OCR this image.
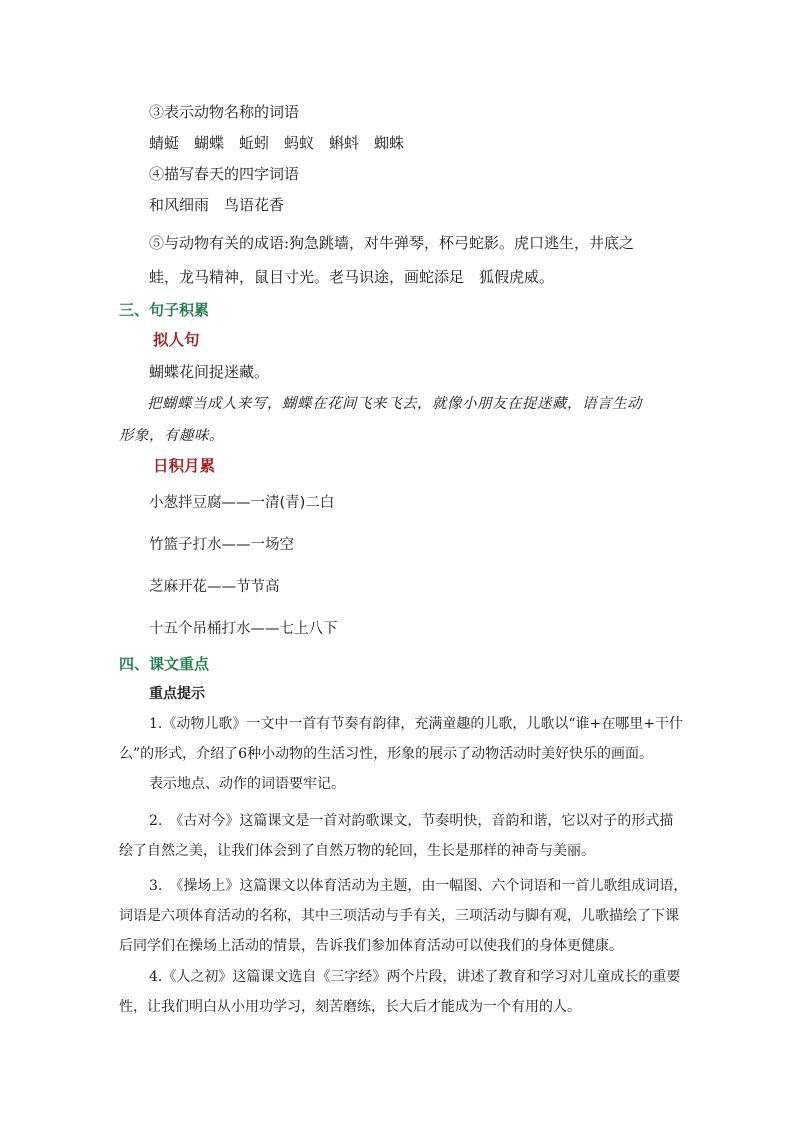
③表示动物名称的词语
蜻蜓　蝴蝶　蚯蚓　蚂蚁　蝌蚪　蜘蛛
④描写春天的四字词语
和风细雨　鸟语花香
⑤与动物有关的成语:狗急跳墙，对牛弹琴，杯弓蛇影。虎口逃生，井底之
蛙，龙马精神，鼠目寸光。老马识途，画蛇添足　狐假虎威。
三、句子积累
拟人句
蝴蝶花间捉迷藏。
把蝴蝶当成人来写，蝴蝶在花间飞来飞去，就像小朋友在捉迷藏，语言生动
形象，有趣味。
日积月累
小葱拌豆腐——一清(青)二白
竹篮子打水——一场空
芝麻开花——节节高
十五个吊桶打水——七上八下
四、课文重点
重点提示
1.《动物儿歌》一文中一首有节奏有韵律，充满童趣的儿歌，儿歌以“谁+在哪里+干什
么”的形式，介绍了6种小动物的生活习性，形象的展示了动物活动时美好快乐的画面。
表示地点、动作的词语要牢记。
2.　《古对今》这篇课文是一首对韵歌课文，节奏明快，音韵和谐，它以对子的形式描
绘了自然之美，让我们体会到了自然万物的轮回，生长是那样的神奇与美丽。
3.　《操场上》这篇课文以体育活动为主题，由一幅图、六个词语和一首儿歌组成词语，
词语是六项体育活动的名称，其中三项活动与手有关，三项活动与脚有观，儿歌描绘了下课
后同学们在操场上活动的情景，告诉我们参加体育活动可以使我们的身体更健康。
4.《人之初》这篇课文选自《三字经》两个片段，讲述了教育和学习对儿童成长的重要
性，让我们明白从小用功学习，刻苦磨练，长大后才能成为一个有用的人。
